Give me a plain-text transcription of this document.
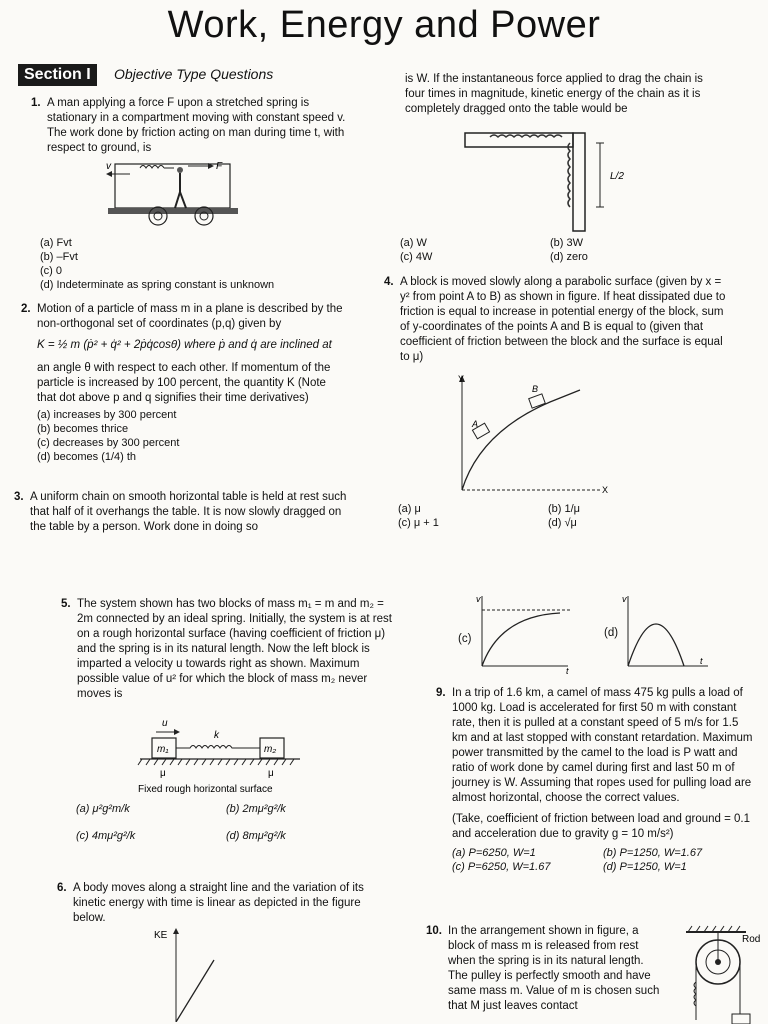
Work, Energy and Power
Section I	Objective Type Questions
1. A man applying a force F upon a stretched spring is stationary in a compartment moving with constant speed v. The work done by friction acting on man during time t, with respect to ground, is

F
v
(a) Fvt
(b) –Fvt
(c) 0
(d) Indeterminate as spring constant is unknown
2. Motion of a particle of mass m in a plane is described by the non-orthogonal set of coordinates (p,q) given by

K = ½ m (ṗ² + q̇² + 2ṗq̇cosθ) where ṗ and q̇ are inclined at

an angle θ with respect to each other. If momentum of the particle is increased by 100 percent, the quantity K (Note that dot above p and q signifies their time derivatives)

(a) increases by 300 percent
(b) becomes thrice
(c) decreases by 300 percent
(d) becomes (1/4) th
3. A uniform chain on smooth horizontal table is held at rest such that half of it overhangs the table. It is now slowly dragged on the table by a person. Work done in doing so

is W. If the instantaneous force applied to drag the chain is four times in magnitude, kinetic energy of the chain as it is completely dragged onto the table would be

L/2
(a) W	(b) 3W
(c) 4W	(d) zero
4. A block is moved slowly along a parabolic surface (given by x = y² from point A to B) as shown in figure. If heat dissipated due to friction is equal to increase in potential energy of the block, sum of y-coordinates of the points A and B is equal to (given that coefficient of friction between the block and the surface is equal to μ)

Y
X
A
B
(a) μ	(b) 1/μ
(c) μ + 1	(d) √μ
5. The system shown has two blocks of mass m₁ = m and m₂ = 2m connected by an ideal spring. Initially, the system is at rest on a rough horizontal surface (having coefficient of friction μ) and the spring is in its natural length. Now the left block is imparted a velocity u towards right as shown. Maximum possible value of u² for which the block of mass m₂ never moves is

u
m₁
k
m₂
μ	μ
Fixed rough horizontal surface
(a) μ²g²m/k	(b) 2mμ²g²/k
(c) 4mμ²g²/k	(d) 8mμ²g²/k
6. A body moves along a straight line and the variation of its kinetic energy with time is linear as depicted in the figure below.

KE
(c)
v
t
(d)
v
t
9. In a trip of 1.6 km, a camel of mass 475 kg pulls a load of 1000 kg. Load is accelerated for first 50 m with constant rate, then it is pulled at a constant speed of 5 m/s for 1.5 km and at last stopped with constant retardation. Maximum power transmitted by the camel to the load is P watt and ratio of work done by camel during first and last 50 m of journey is W. Assuming that ropes used for pulling load are almost horizontal, choose the correct values.

(Take, coefficient of friction between load and ground = 0.1 and acceleration due to gravity g = 10 m/s²)

(a) P=6250, W=1	(b) P=1250, W=1.67
(c) P=6250, W=1.67	(d) P=1250, W=1
10. In the arrangement shown in figure, a block of mass m is released from rest when the spring is in its natural length. The pulley is perfectly smooth and have same mass m. Value of m is chosen such that M just leaves contact

Rod
